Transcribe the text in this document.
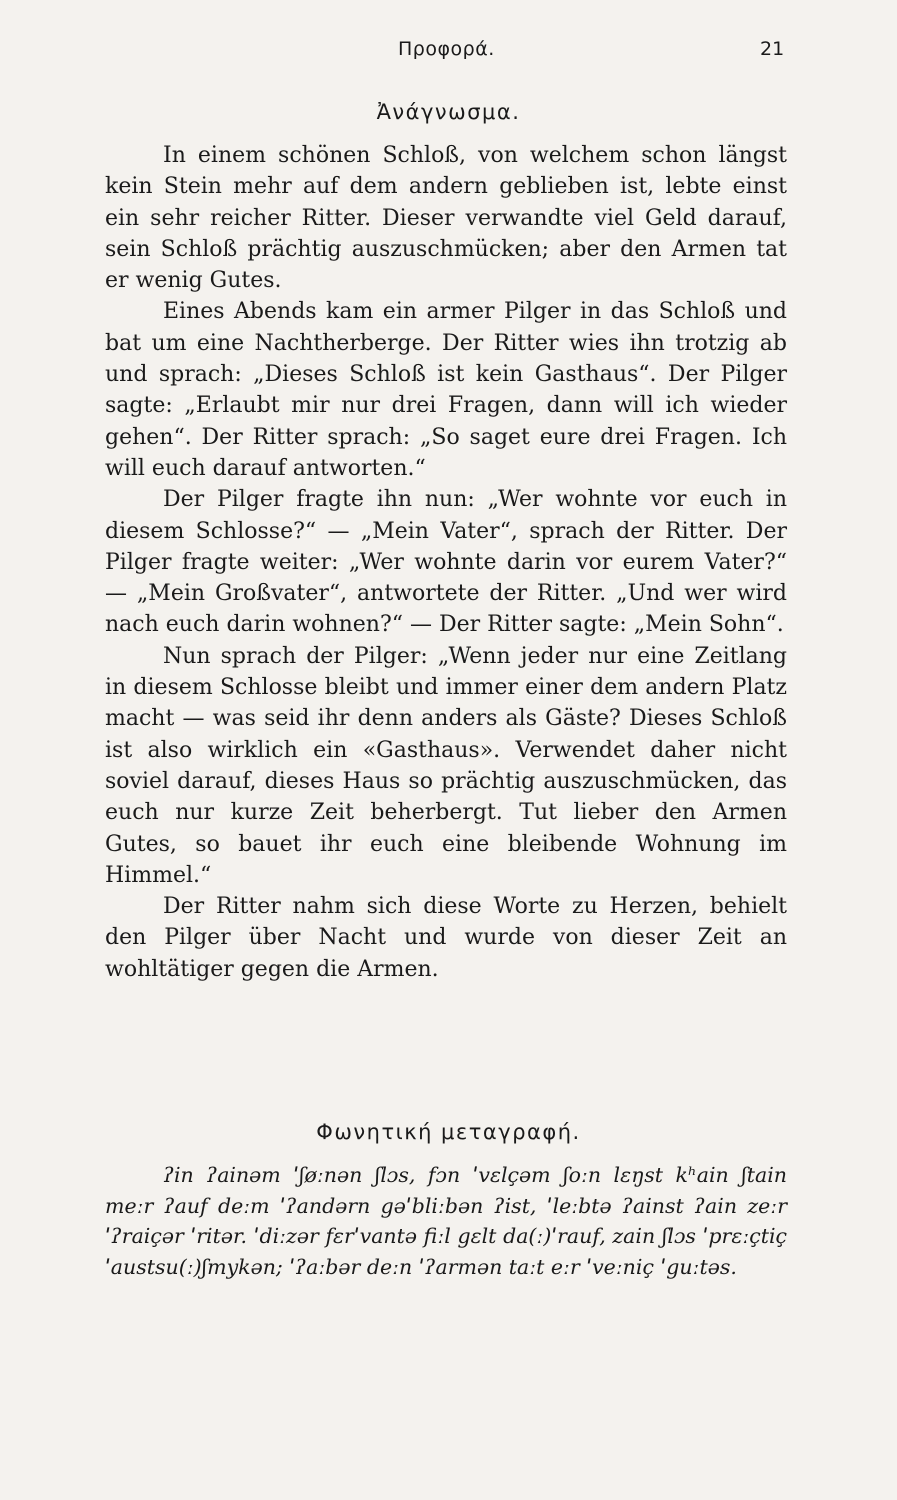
Προφορά.	21
Ἀνάγνωσμα.

In einem schönen Schloß, von welchem schon längst kein Stein mehr auf dem andern geblieben ist, lebte einst ein sehr reicher Ritter. Dieser verwandte viel Geld darauf, sein Schloß prächtig auszuschmücken; aber den Armen tat er wenig Gutes.

Eines Abends kam ein armer Pilger in das Schloß und bat um eine Nachtherberge. Der Ritter wies ihn trotzig ab und sprach: „Dieses Schloß ist kein Gasthaus“. Der Pilger sagte: „Erlaubt mir nur drei Fragen, dann will ich wieder gehen“. Der Ritter sprach: „So saget eure drei Fragen. Ich will euch darauf antworten.“

Der Pilger fragte ihn nun: „Wer wohnte vor euch in diesem Schlosse?“ — „Mein Vater“, sprach der Ritter. Der Pilger fragte weiter: „Wer wohnte darin vor eurem Vater?“ — „Mein Großvater“, antwortete der Ritter. „Und wer wird nach euch darin wohnen?“ — Der Ritter sagte: „Mein Sohn“.

Nun sprach der Pilger: „Wenn jeder nur eine Zeitlang in diesem Schlosse bleibt und immer einer dem andern Platz macht — was seid ihr denn anders als Gäste? Dieses Schloß ist also wirklich ein «Gasthaus». Verwendet daher nicht soviel darauf, dieses Haus so prächtig auszuschmücken, das euch nur kurze Zeit beherbergt. Tut lieber den Armen Gutes, so bauet ihr euch eine bleibende Wohnung im Himmel.“

Der Ritter nahm sich diese Worte zu Herzen, behielt den Pilger über Nacht und wurde von dieser Zeit an wohltätiger gegen die Armen.

Φωνητική μεταγραφή.

ʔin ʔainəm ˈʃøːnən ʃlɔs, fɔn ˈvɛlçəm ʃoːn lɛŋst kʰain ʃtain meːr ʔauf deːm ˈʔandərn gəˈbliːbən ʔist, ˈleːbtə ʔainst ʔain zeːr ˈʔraiçər ˈritər. ˈdiːzər fɛrˈvantə fiːl gɛlt da(ː)ˈrauf, zain ʃlɔs ˈprɛːçtiç ˈaustsu(ː)ʃmykən; ˈʔaːbər deːn ˈʔarmən taːt eːr ˈveːniç ˈguːtəs.
